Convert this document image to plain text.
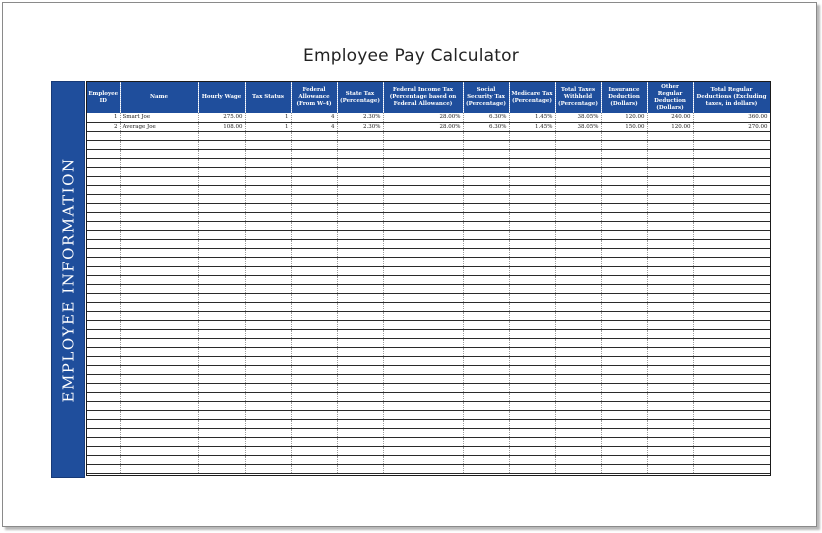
Employee Pay Calculator
EMPLOYEE INFORMATION
Employee ID	Name	Hourly Wage	Tax Status	Federal Allowance (From W-4)	State Tax (Percentage)	Federal Income Tax (Percentage based on Federal Allowance)	Social Security Tax (Percentage)	Medicare Tax (Percentage)	Total Taxes Withheld (Percentage)	Insurance Deduction (Dollars)	Other Regular Deduction (Dollars)	Total Regular Deductions (Excluding taxes, in dollars)
1	Smart Joe	275.00	1	4	2.30%	28.00%	6.30%	1.45%	38.05%	120.00	240.00	360.00
2	Average Joe	108.00	1	4	2.30%	28.00%	6.30%	1.45%	38.05%	150.00	120.00	270.00
